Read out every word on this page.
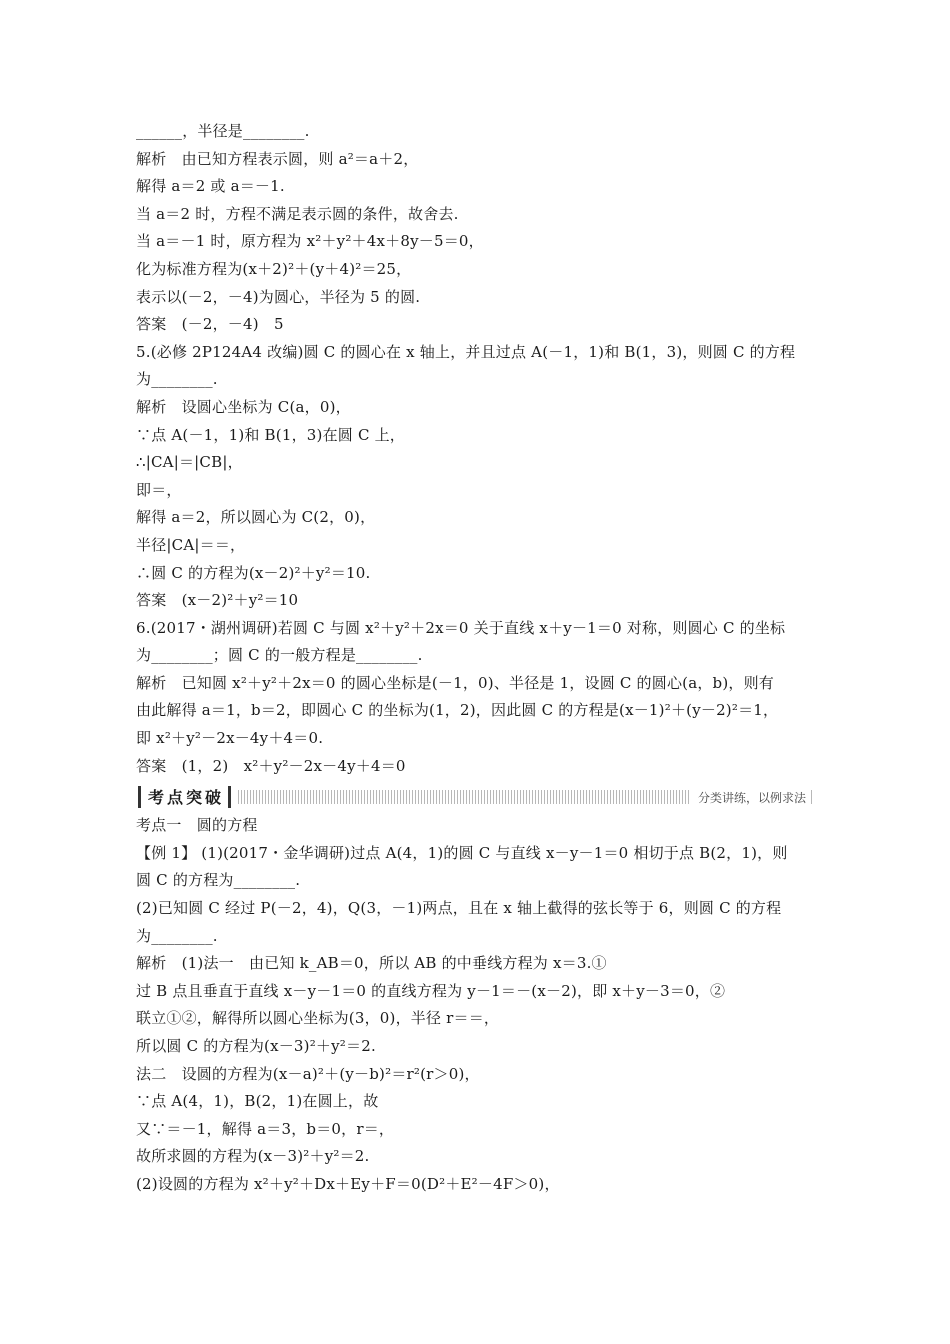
______，半径是________.
解析　由已知方程表示圆，则 a²＝a＋2，
解得 a＝2 或 a＝－1.
当 a＝2 时，方程不满足表示圆的条件，故舍去.
当 a＝－1 时，原方程为 x²＋y²＋4x＋8y－5＝0，
化为标准方程为(x＋2)²＋(y＋4)²＝25，
表示以(－2，－4)为圆心，半径为 5 的圆.
答案　(－2，－4)　5
5.(必修 2P124A4 改编)圆 C 的圆心在 x 轴上，并且过点 A(－1，1)和 B(1，3)，则圆 C 的方程
为________.
解析　设圆心坐标为 C(a，0)，
∵点 A(－1，1)和 B(1，3)在圆 C 上，
∴|CA|＝|CB|，
即＝，
解得 a＝2，所以圆心为 C(2，0)，
半径|CA|＝＝，
∴圆 C 的方程为(x－2)²＋y²＝10.
答案　(x－2)²＋y²＝10
6.(2017・湖州调研)若圆 C 与圆 x²＋y²＋2x＝0 关于直线 x＋y－1＝0 对称，则圆心 C 的坐标
为________；圆 C 的一般方程是________.
解析　已知圆 x²＋y²＋2x＝0 的圆心坐标是(－1，0)、半径是 1，设圆 C 的圆心(a，b)，则有
由此解得 a＝1，b＝2，即圆心 C 的坐标为(1，2)，因此圆 C 的方程是(x－1)²＋(y－2)²＝1，
即 x²＋y²－2x－4y＋4＝0.
答案　(1，2)　x²＋y²－2x－4y＋4＝0
考点突破	分类讲练，以例求法
考点一　圆的方程
【例 1】 (1)(2017・金华调研)过点 A(4，1)的圆 C 与直线 x－y－1＝0 相切于点 B(2，1)，则
圆 C 的方程为________.
(2)已知圆 C 经过 P(－2，4)，Q(3，－1)两点，且在 x 轴上截得的弦长等于 6，则圆 C 的方程
为________.
解析　(1)法一　由已知 k_AB＝0，所以 AB 的中垂线方程为 x＝3.①
过 B 点且垂直于直线 x－y－1＝0 的直线方程为 y－1＝－(x－2)，即 x＋y－3＝0，②
联立①②，解得所以圆心坐标为(3，0)，半径 r＝＝，
所以圆 C 的方程为(x－3)²＋y²＝2.
法二　设圆的方程为(x－a)²＋(y－b)²＝r²(r＞0)，
∵点 A(4，1)，B(2，1)在圆上，故
又∵＝－1，解得 a＝3，b＝0，r＝，
故所求圆的方程为(x－3)²＋y²＝2.
(2)设圆的方程为 x²＋y²＋Dx＋Ey＋F＝0(D²＋E²－4F＞0)，
